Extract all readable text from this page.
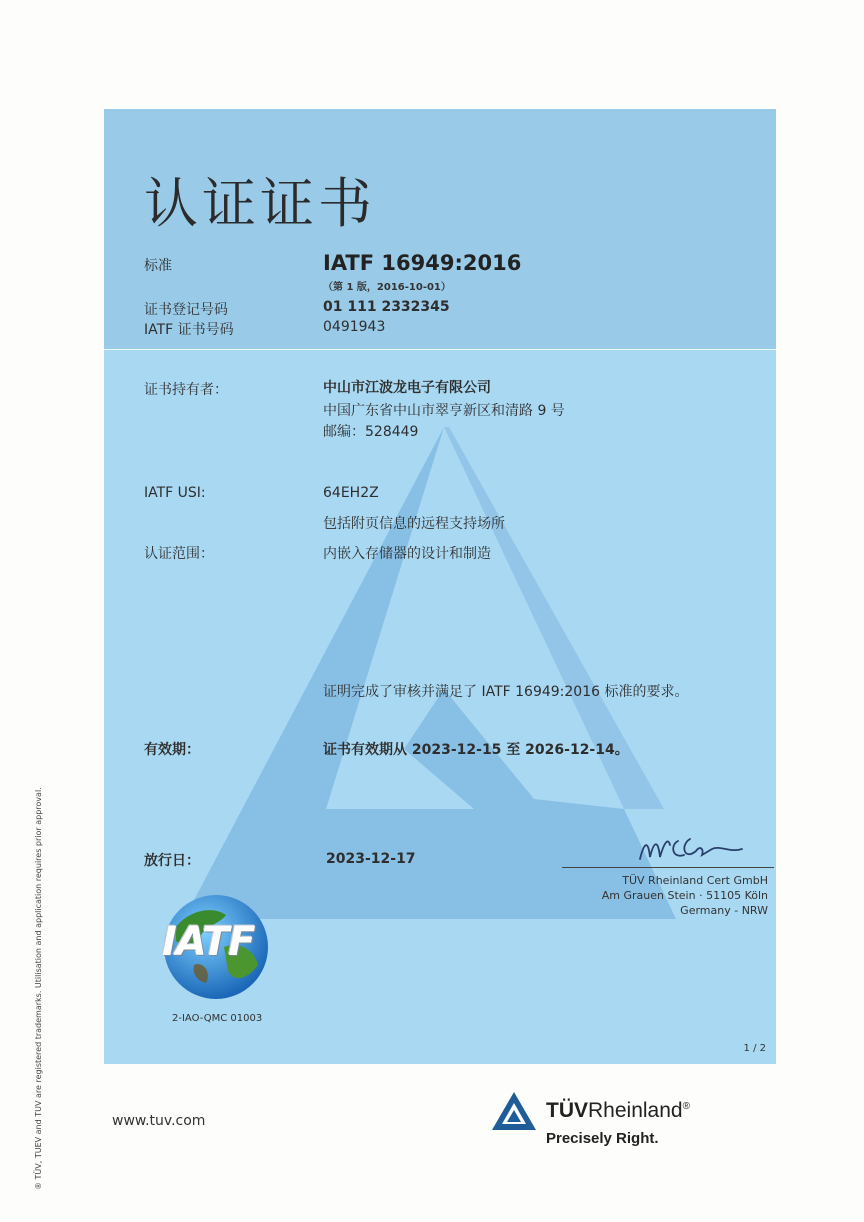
认证证书
标准	IATF 16949:2016
（第 1 版，2016-10-01）
证书登记号码	01 111 2332345
IATF 证书号码	0491943
证书持有者：	中山市江波龙电子有限公司
中国广东省中山市翠亨新区和清路 9 号
邮编：528449
IATF USI:	64EH2Z
包括附页信息的远程支持场所
认证范围：	内嵌入存储器的设计和制造
证明完成了审核并满足了 IATF 16949:2016 标准的要求。
有效期：	证书有效期从 2023-12-15 至 2026-12-14。
放行日：	2023-12-17
TÜV Rheinland Cert GmbH
Am Grauen Stein · 51105 Köln
Germany - NRW
IATF
2-IAO-QMC 01003
1 / 2
www.tuv.com	TÜVRheinland®
Precisely Right.
® TÜV, TUEV and TUV are registered trademarks. Utilisation and application requires prior approval.
